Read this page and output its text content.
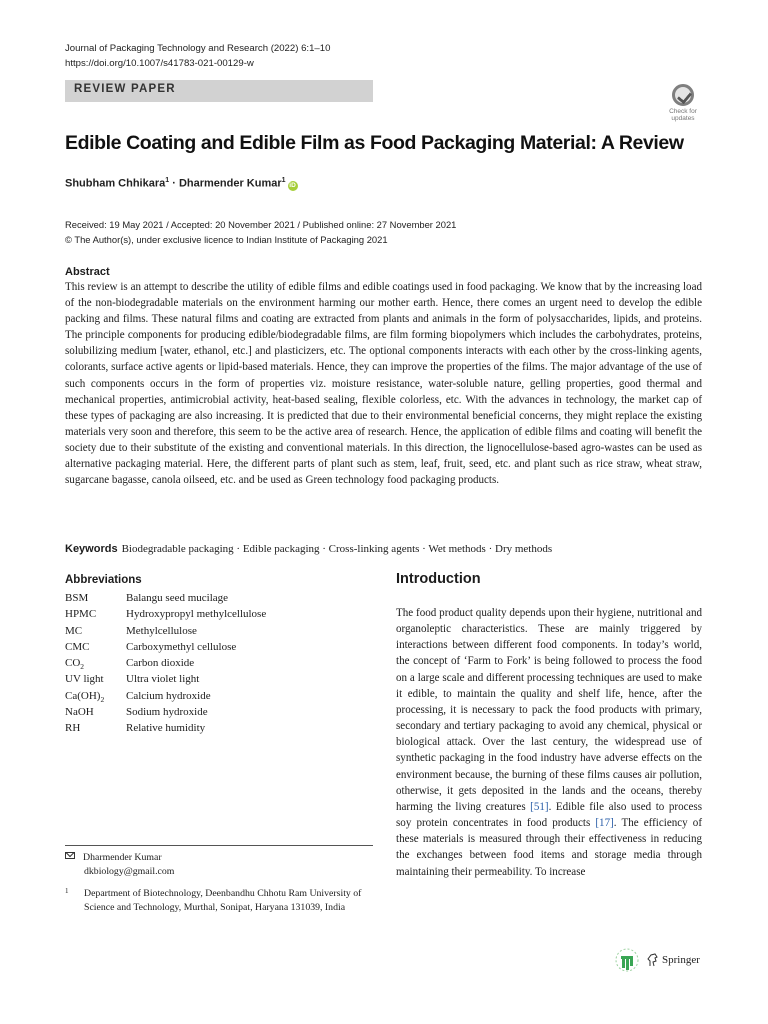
Journal of Packaging Technology and Research (2022) 6:1–10
https://doi.org/10.1007/s41783-021-00129-w
REVIEW PAPER
Check for
updates
Edible Coating and Edible Film as Food Packaging Material: A Review
Shubham Chhikara$^1$ · Dharmender Kumar$^1$iD
Received: 19 May 2021 / Accepted: 20 November 2021 / Published online: 27 November 2021
© The Author(s), under exclusive licence to Indian Institute of Packaging 2021
Abstract

This review is an attempt to describe the utility of edible films and edible coatings used in food packaging. We know that by the increasing load of the non-biodegradable materials on the environment harming our mother earth. Hence, there comes an urgent need to develop the edible packing and films. These natural films and coating are extracted from plants and animals in the form of polysaccharides, lipids, and proteins. The principle components for producing edible/biodegradable films, are film forming biopolymers which includes the carbohydrates, proteins, solubilizing medium [water, ethanol, etc.] and plasticizers, etc. The optional components interacts with each other by the cross-linking agents, colorants, surface active agents or lipid-based materials. Hence, they can improve the properties of the films. The major advantage of the use of such components occurs in the form of properties viz. moisture resistance, water-soluble nature, gelling properties, good thermal and mechanical properties, antimicrobial activity, heat-based sealing, flexible colorless, etc. With the advances in technology, the market cap of these types of packaging are also increasing. It is predicted that due to their environmental beneficial concerns, they might replace the existing materials very soon and therefore, this seem to be the active area of research. Hence, the application of edible films and coating will benefit the society due to their substitute of the existing and conventional materials. In this direction, the lignocellulose-based agro-wastes can be used as alternative packaging material. Here, the different parts of plant such as stem, leaf, fruit, seed, etc. and plant such as rice straw, wheat straw, sugarcane bagasse, canola oilseed, etc. and be used as Green technology food packaging products.

Keywords Biodegradable packaging · Edible packaging · Cross-linking agents · Wet methods · Dry methods
Abbreviations
BSM	Balangu seed mucilage
HPMC	Hydroxypropyl methylcellulose
MC	Methylcellulose
CMC	Carboxymethyl cellulose
$CO_2$	Carbon dioxide
UV light	Ultra violet light
$Ca(OH)_2$	Calcium hydroxide
NaOH	Sodium hydroxide
RH	Relative humidity
Dharmender Kumar
dkbiology@gmail.com
1	Department of Biotechnology, Deenbandhu Chhotu Ram University of Science and Technology, Murthal, Sonipat, Haryana 131039, India
Introduction

The food product quality depends upon their hygiene, nutritional and organoleptic characteristics. These are mainly triggered by interactions between different food components. In today’s world, the concept of ‘Farm to Fork’ is being followed to process the food on a large scale and different processing techniques are used to make it edible, to maintain the quality and shelf life, hence, after the processing, it is necessary to pack the food products with primary, secondary and tertiary packaging to avoid any chemical, physical or biological attack. Over the last century, the widespread use of synthetic packaging in the food industry have adverse effects on the environment because, the burning of these films causes air pollution, otherwise, it gets deposited in the lands and the oceans, thereby harming the living creatures [51]. Edible file also used to process soy protein concentrates in food products [17]. The efficiency of these materials is measured through their effectiveness in reducing the exchanges between food items and storage media through maintaining their permeability. To increase

Springer
